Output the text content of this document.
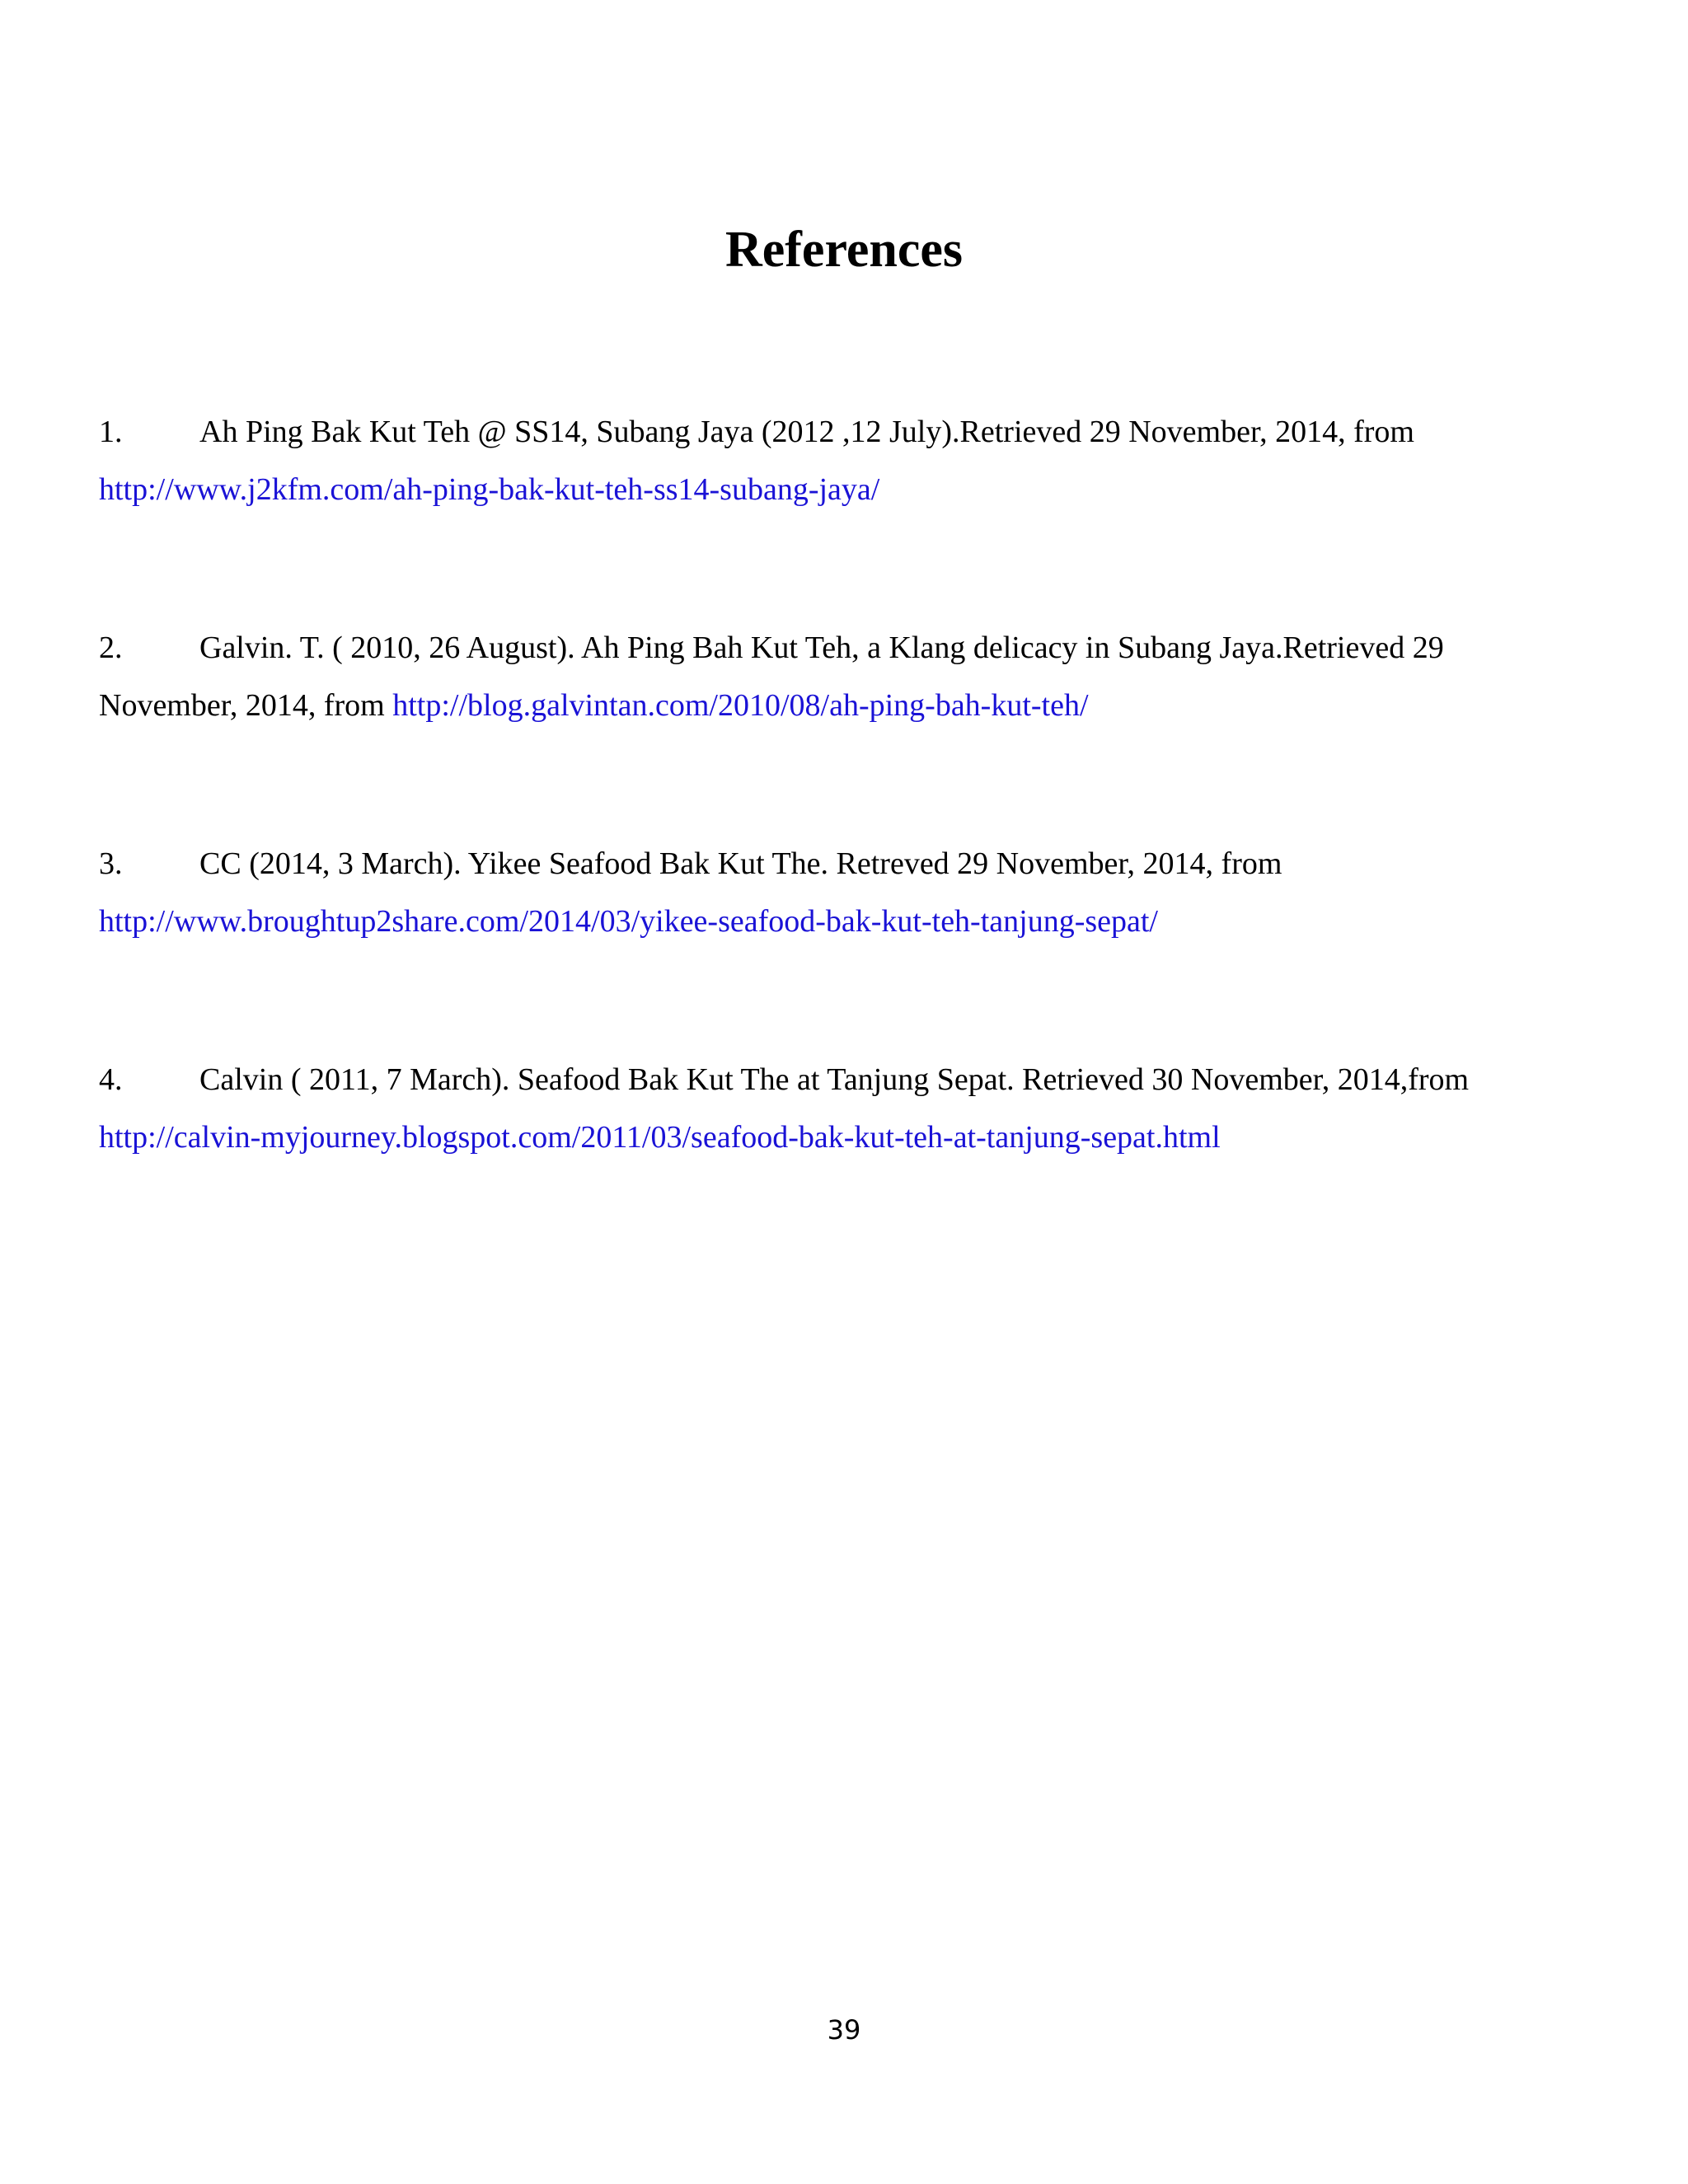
References

1. Ah Ping Bak Kut Teh @ SS14, Subang Jaya (2012 ,12 July).Retrieved 29 November, 2014, from
http://www.j2kfm.com/ah-ping-bak-kut-teh-ss14-subang-jaya/

2. Galvin. T. ( 2010, 26 August). Ah Ping Bah Kut Teh, a Klang delicacy in Subang Jaya.Retrieved 29 November, 2014, from http://blog.galvintan.com/2010/08/ah-ping-bah-kut-teh/

3. CC (2014, 3 March). Yikee Seafood Bak Kut The. Retreved 29 November, 2014, from
http://www.broughtup2share.com/2014/03/yikee-seafood-bak-kut-teh-tanjung-sepat/

4. Calvin ( 2011, 7 March). Seafood Bak Kut The at Tanjung Sepat. Retrieved 30 November, 2014,from
http://calvin-myjourney.blogspot.com/2011/03/seafood-bak-kut-teh-at-tanjung-sepat.html

39
